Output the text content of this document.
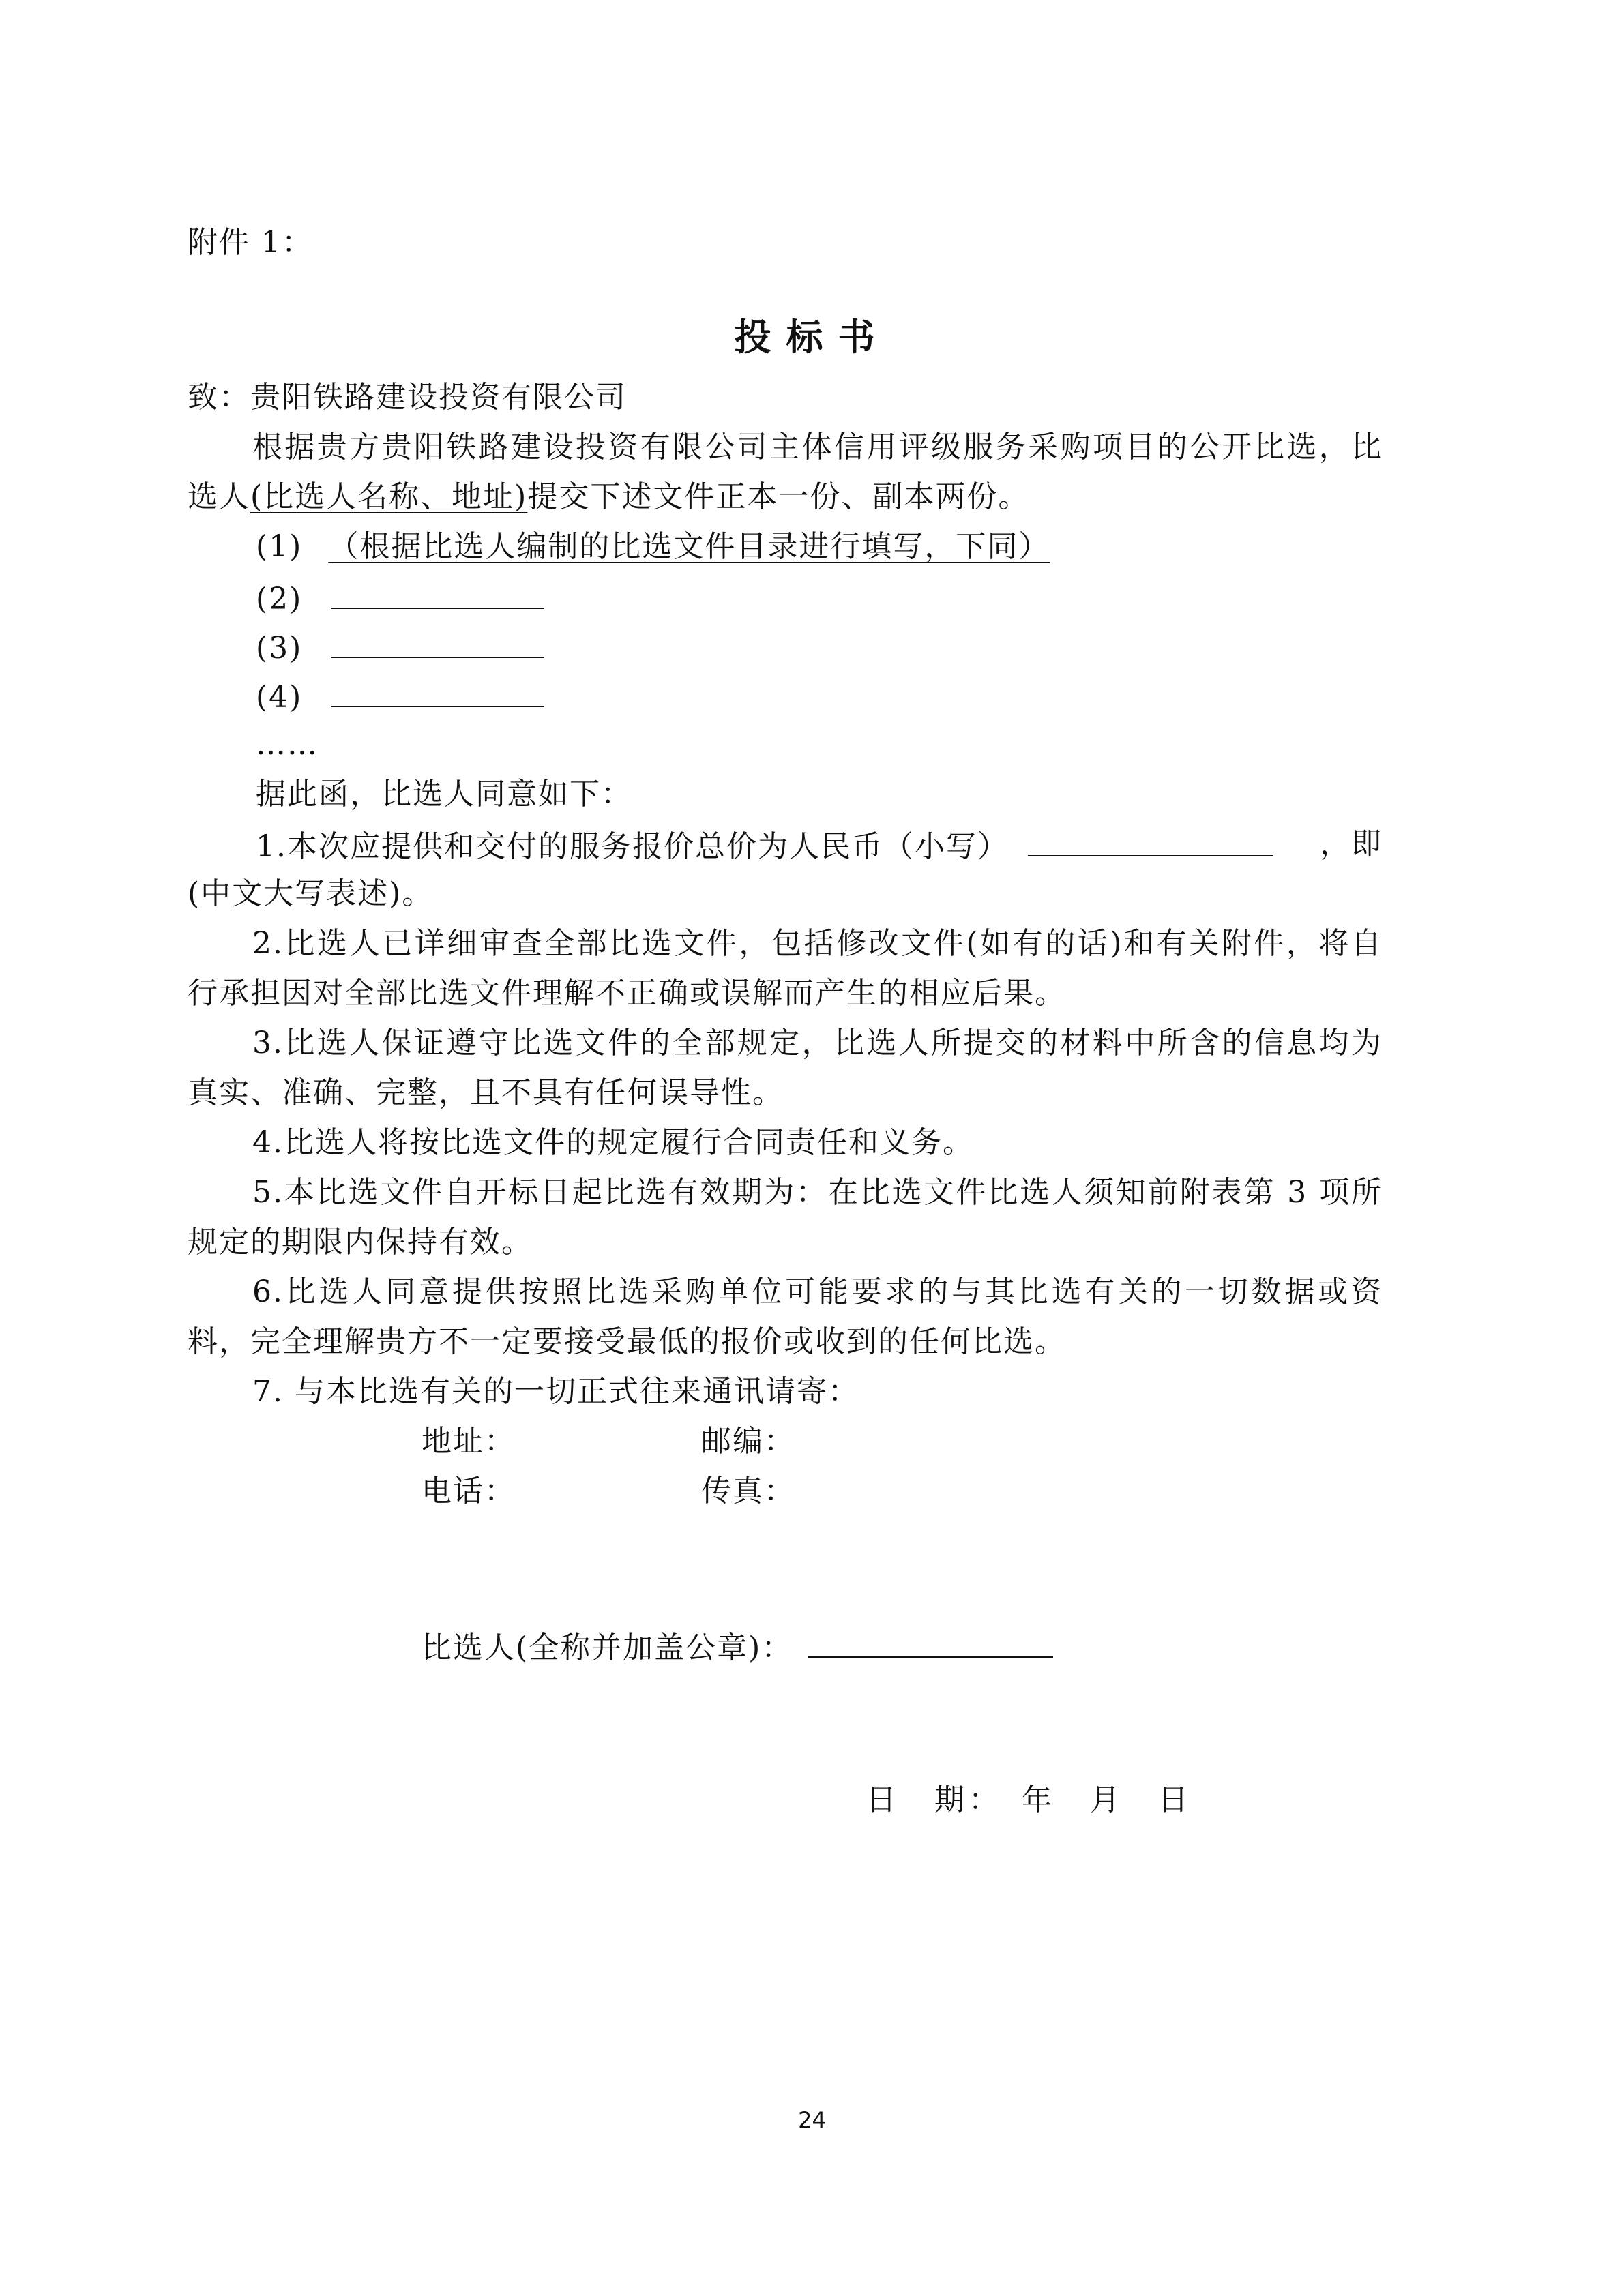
附件 1：
投标书
致：贵阳铁路建设投资有限公司
根据贵方贵阳铁路建设投资有限公司主体信用评级服务采购项目的公开比选，比
选人(比选人名称、地址)提交下述文件正本一份、副本两份。
(1) （根据比选人编制的比选文件目录进行填写，下同）
(2)
(3)
(4)
……
据此函，比选人同意如下：
1.本次应提供和交付的服务报价总价为人民币（小写）	，即
(中文大写表述)。
2.比选人已详细审查全部比选文件，包括修改文件(如有的话)和有关附件，将自
行承担因对全部比选文件理解不正确或误解而产生的相应后果。
3.比选人保证遵守比选文件的全部规定，比选人所提交的材料中所含的信息均为
真实、准确、完整，且不具有任何误导性。
4.比选人将按比选文件的规定履行合同责任和义务。
5.本比选文件自开标日起比选有效期为：在比选文件比选人须知前附表第 3 项所
规定的期限内保持有效。
6.比选人同意提供按照比选采购单位可能要求的与其比选有关的一切数据或资
料，完全理解贵方不一定要接受最低的报价或收到的任何比选。
7. 与本比选有关的一切正式往来通讯请寄：
地址：	邮编：
电话：	传真：
比选人(全称并加盖公章)：
日　期：　年　月　日
24
